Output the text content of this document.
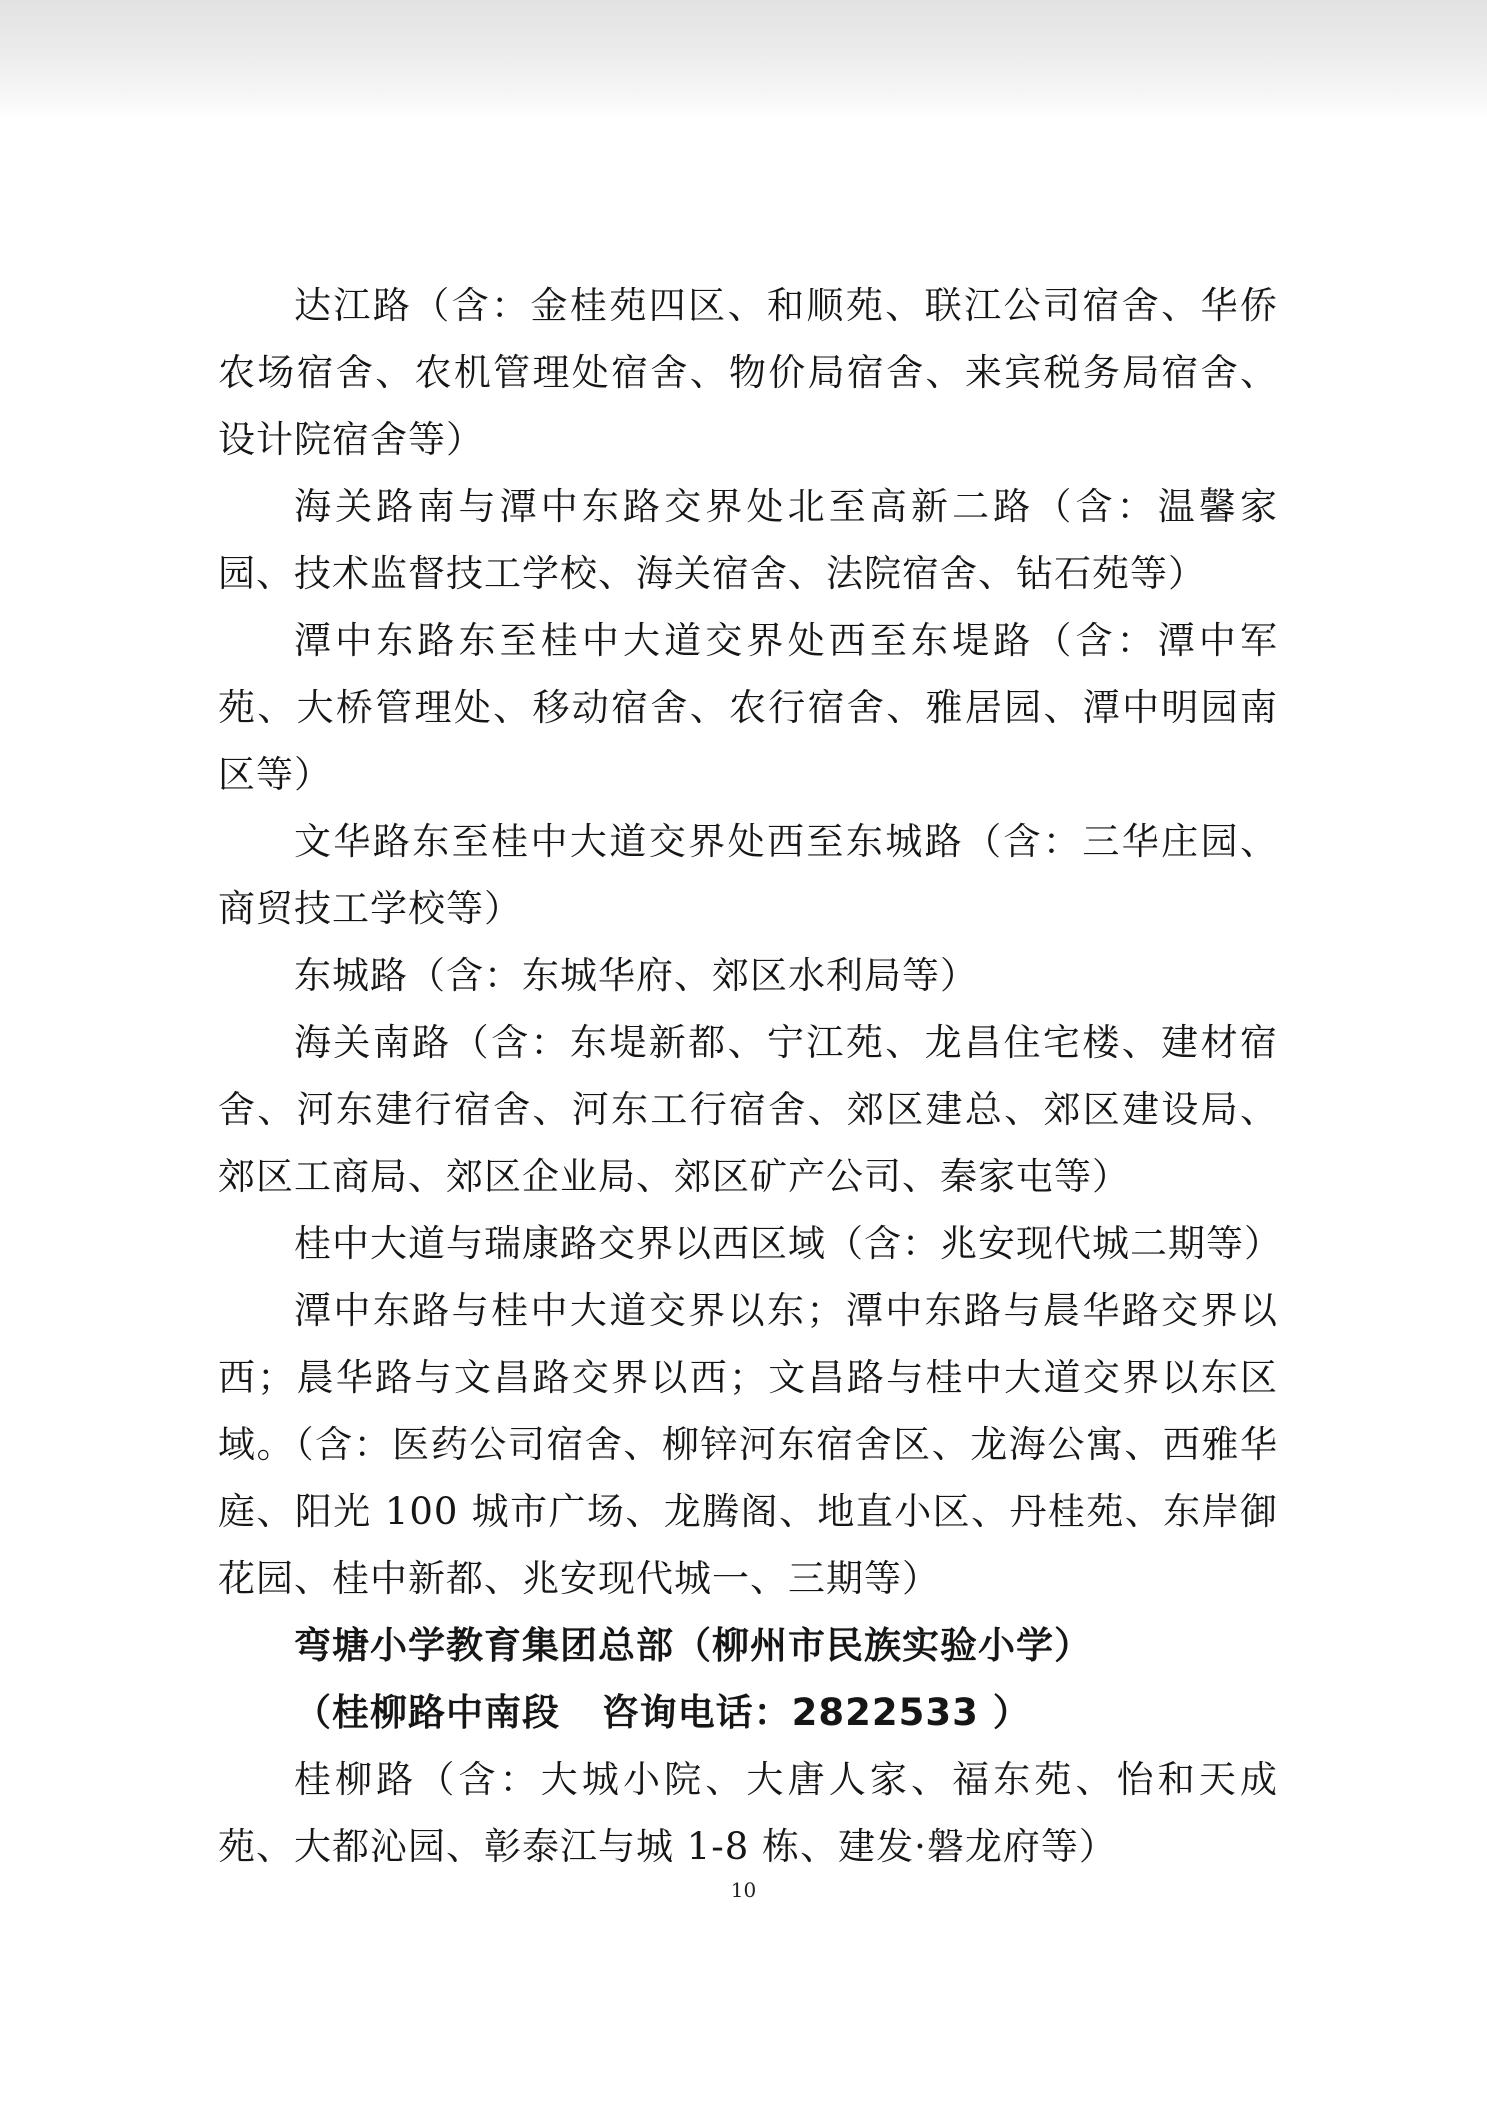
达江路（含：金桂苑四区、和顺苑、联江公司宿舍、华侨农场宿舍、农机管理处宿舍、物价局宿舍、来宾税务局宿舍、设计院宿舍等）

海关路南与潭中东路交界处北至高新二路（含：温馨家园、技术监督技工学校、海关宿舍、法院宿舍、钻石苑等）

潭中东路东至桂中大道交界处西至东堤路（含：潭中军苑、大桥管理处、移动宿舍、农行宿舍、雅居园、潭中明园南区等）

文华路东至桂中大道交界处西至东城路（含：三华庄园、商贸技工学校等）

东城路（含：东城华府、郊区水利局等）

海关南路（含：东堤新都、宁江苑、龙昌住宅楼、建材宿舍、河东建行宿舍、河东工行宿舍、郊区建总、郊区建设局、郊区工商局、郊区企业局、郊区矿产公司、秦家屯等）

桂中大道与瑞康路交界以西区域（含：兆安现代城二期等）

潭中东路与桂中大道交界以东；潭中东路与晨华路交界以西；晨华路与文昌路交界以西；文昌路与桂中大道交界以东区域。（含：医药公司宿舍、柳锌河东宿舍区、龙海公寓、西雅华庭、阳光 100 城市广场、龙腾阁、地直小区、丹桂苑、东岸御花园、桂中新都、兆安现代城一、三期等）

弯塘小学教育集团总部（柳州市民族实验小学）

（桂柳路中南段   咨询电话：2822533 ）

桂柳路（含：大城小院、大唐人家、福东苑、怡和天成苑、大都沁园、彰泰江与城 1-8 栋、建发·磐龙府等）

10
